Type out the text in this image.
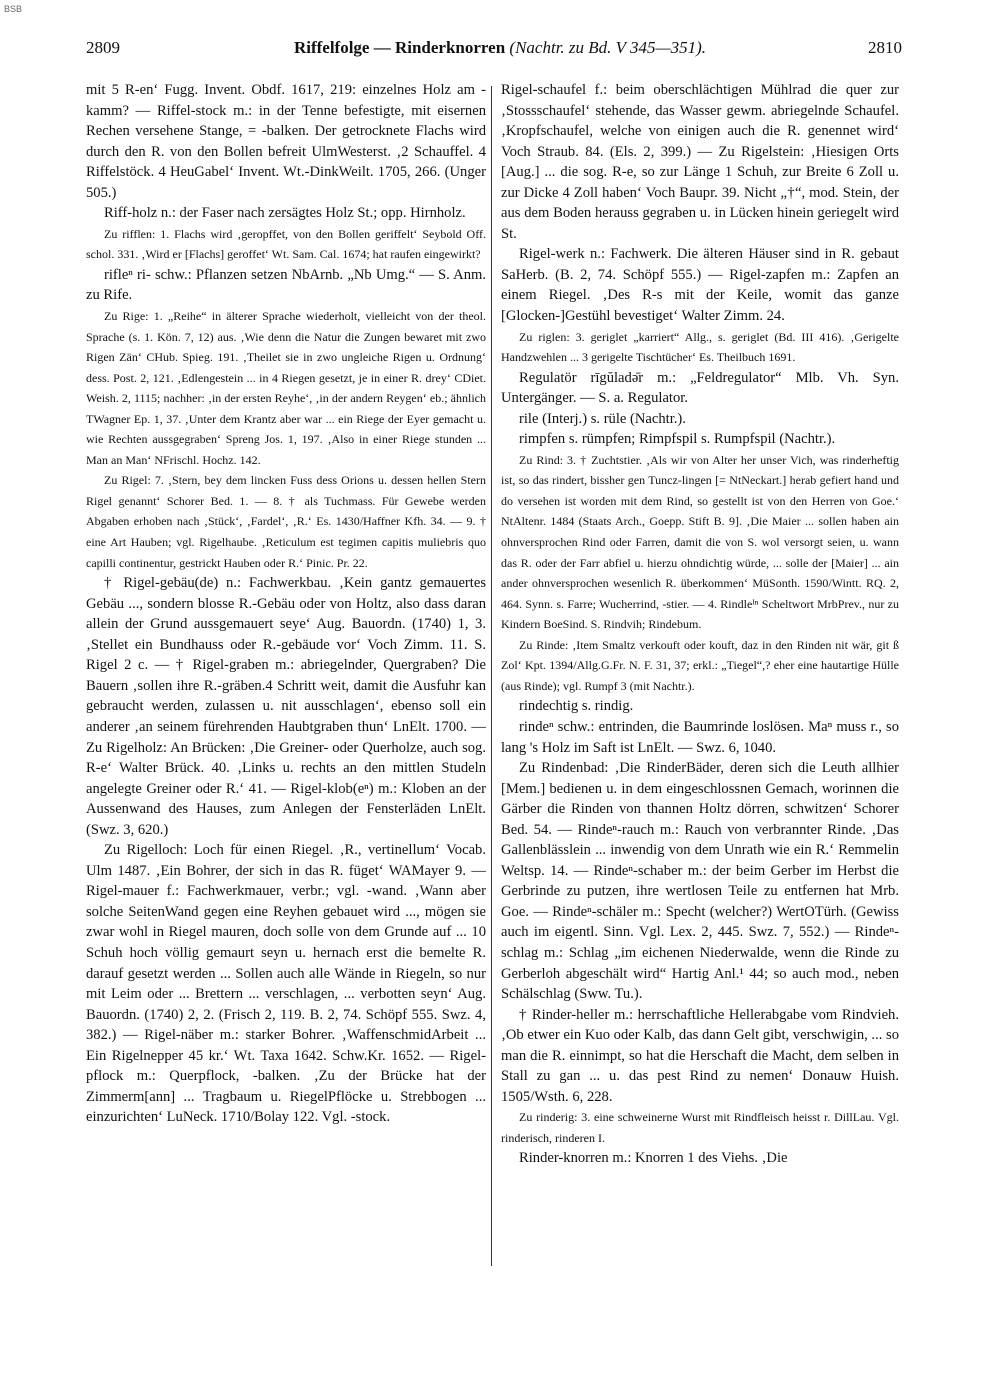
BSB
2809	Riffelfolge — Rinderknorren (Nachtr. zu Bd. V 345—351).	2810

mit 5 R-en‘ Fugg. Invent. Obdf. 1617, 219: einzelnes Holz am -kamm? — Riffel-stock m.: in der Tenne befestigte, mit eisernen Rechen versehene Stange, = -balken. Der getrocknete Flachs wird durch den R. von den Bollen befreit UlmWesterst. ‚2 Schauffel. 4 Riffelstöck. 4 HeuGabel‘ Invent. Wt.-DinkWeilt. 1705, 266. (Unger 505.)

Riff-holz n.: der Faser nach zersägtes Holz St.; opp. Hirnholz.

Zu rifflen: 1. Flachs wird ‚geropffet, von den Bollen geriffelt‘ Seybold Off. schol. 331. ‚Wird er [Flachs] geroffet‘ Wt. Sam. Cal. 1674; hat raufen eingewirkt?

rifleⁿ ri- schw.: Pflanzen setzen NbArnb. „Nb Umg.“ — S. Anm. zu Rife.

Zu Rige: 1. „Reihe“ in älterer Sprache wiederholt, vielleicht von der theol. Sprache (s. 1. Kön. 7, 12) aus. ‚Wie denn die Natur die Zungen bewaret mit zwo Rigen Zän‘ CHub. Spieg. 191. ‚Theilet sie in zwo ungleiche Rigen u. Ordnung‘ dess. Post. 2, 121. ‚Edlengestein ... in 4 Riegen gesetzt, je in einer R. drey‘ CDiet. Weish. 2, 1115; nachher: ‚in der ersten Reyhe‘, ‚in der andern Reygen‘ eb.; ähnlich TWagner Ep. 1, 37. ‚Unter dem Krantz aber war ... ein Riege der Eyer gemacht u. wie Rechten aussgegraben‘ Spreng Jos. 1, 197. ‚Also in einer Riege stunden ... Man an Man‘ NFrischl. Hochz. 142.

Zu Rigel: 7. ‚Stern, bey dem lincken Fuss dess Orions u. dessen hellen Stern Rigel genannt‘ Schorer Bed. 1. — 8. † als Tuchmass. Für Gewebe werden Abgaben erhoben nach ‚Stück‘, ‚Fardel‘, ‚R.‘ Es. 1430/Haffner Kfh. 34. — 9. † eine Art Hauben; vgl. Rigelhaube. ‚Reticulum est tegimen capitis muliebris quo capilli continentur, gestrickt Hauben oder R.‘ Pinic. Pr. 22.

† Rigel-gebäu(de) n.: Fachwerkbau. ‚Kein gantz gemauertes Gebäu ..., sondern blosse R.-Gebäu oder von Holtz, also dass daran allein der Grund aussgemauert seye‘ Aug. Bauordn. (1740) 1, 3. ‚Stellet ein Bundhauss oder R.-gebäude vor‘ Voch Zimm. 11. S. Rigel 2 c. — † Rigel-graben m.: abriegelnder, Quergraben? Die Bauern ‚sollen ihre R.-gräben.4 Schritt weit, damit die Ausfuhr kan gebraucht werden, zulassen u. nit ausschlagen‘, ebenso soll ein anderer ‚an seinem fürehrenden Haubtgraben thun‘ LnElt. 1700. — Zu Rigelholz: An Brücken: ‚Die Greiner- oder Querholze, auch sog. R-e‘ Walter Brück. 40. ‚Links u. rechts an den mittlen Studeln angelegte Greiner oder R.‘ 41. — Rigel-klob(eⁿ) m.: Kloben an der Aussenwand des Hauses, zum Anlegen der Fensterläden LnElt. (Swz. 3, 620.)

Zu Rigelloch: Loch für einen Riegel. ‚R., vertinellum‘ Vocab. Ulm 1487. ‚Ein Bohrer, der sich in das R. füget‘ WAMayer 9. — Rigel-mauer f.: Fachwerkmauer, verbr.; vgl. -wand. ‚Wann aber solche SeitenWand gegen eine Reyhen gebauet wird ..., mögen sie zwar wohl in Riegel mauren, doch solle von dem Grunde auf ... 10 Schuh hoch völlig gemaurt seyn u. hernach erst die bemelte R. darauf gesetzt werden ... Sollen auch alle Wände in Riegeln, so nur mit Leim oder ... Brettern ... verschlagen, ... verbotten seyn‘ Aug. Bauordn. (1740) 2, 2. (Frisch 2, 119. B. 2, 74. Schöpf 555. Swz. 4, 382.) — Rigel-näber m.: starker Bohrer. ‚WaffenschmidArbeit ... Ein Rigelnepper 45 kr.‘ Wt. Taxa 1642. Schw.Kr. 1652. — Rigel-pflock m.: Querpflock, -balken. ‚Zu der Brücke hat der Zimmerm[ann] ... Tragbaum u. RiegelPflöcke u. Strebbogen ... einzurichten‘ LuNeck. 1710/Bolay 122. Vgl. -stock.

Rigel-schaufel f.: beim oberschlächtigen Mühlrad die quer zur ‚Stossschaufel‘ stehende, das Wasser gewm. abriegelnde Schaufel. ‚Kropfschaufel, welche von einigen auch die R. genennet wird‘ Voch Straub. 84. (Els. 2, 399.) — Zu Rigelstein: ‚Hiesigen Orts [Aug.] ... die sog. R-e, so zur Länge 1 Schuh, zur Breite 6 Zoll u. zur Dicke 4 Zoll haben‘ Voch Baupr. 39. Nicht „†“, mod. Stein, der aus dem Boden herauss gegraben u. in Lücken hinein geriegelt wird St.

Rigel-werk n.: Fachwerk. Die älteren Häuser sind in R. gebaut SaHerb. (B. 2, 74. Schöpf 555.) — Rigel-zapfen m.: Zapfen an einem Riegel. ‚Des R-s mit der Keile, womit das ganze [Glocken-]Gestühl bevestiget‘ Walter Zimm. 24.

Zu riglen: 3. geriglet „karriert“ Allg., s. geriglet (Bd. III 416). ‚Gerigelte Handzwehlen ... 3 gerigelte Tischtücher‘ Es. Theilbuch 1691.

Regulatör rīgŭladə̄r m.: „Feldregulator“ Mlb. Vh. Syn. Untergänger. — S. a. Regulator.

rile (Interj.) s. rüle (Nachtr.).

rimpfen s. rümpfen; Rimpfspil s. Rumpfspil (Nachtr.).

Zu Rind: 3. † Zuchtstier. ‚Als wir von Alter her unser Vich, was rinderheftig ist, so das rindert, bissher gen Tuncz-lingen [= NtNeckart.] herab gefiert hand und do versehen ist worden mit dem Rind, so gestellt ist von den Herren von Goe.‘ NtAltenr. 1484 (Staats Arch., Goepp. Stift B. 9]. ‚Die Maier ... sollen haben ain ohnversprochen Rind oder Farren, damit die von S. wol versorgt seien, u. wann das R. oder der Farr abfiel u. hierzu ohndichtig würde, ... solle der [Maier] ... ain ander ohnversprochen wesenlich R. überkommen‘ MüSonth. 1590/Wintt. RQ. 2, 464. Synn. s. Farre; Wucherrind, -stier. — 4. Rindleᴵⁿ Scheltwort MrbPrev., nur zu Kindern BoeSind. S. Rindvih; Rindebum.

Zu Rinde: ‚Item Smaltz verkouft oder kouft, daz in den Rinden nit wär, git ß Zol‘ Kpt. 1394/Allg.G.Fr. N. F. 31, 37; erkl.: „Tiegel“,? eher eine hautartige Hülle (aus Rinde); vgl. Rumpf 3 (mit Nachtr.).

rindechtig s. rindig.

rindeⁿ schw.: entrinden, die Baumrinde loslösen. Maⁿ muss r., so lang 's Holz im Saft ist LnElt. — Swz. 6, 1040.

Zu Rindenbad: ‚Die RinderBäder, deren sich die Leuth allhier [Mem.] bedienen u. in dem eingeschlossnen Gemach, worinnen die Gärber die Rinden von thannen Holtz dörren, schwitzen‘ Schorer Bed. 54. — Rindeⁿ-rauch m.: Rauch von verbrannter Rinde. ‚Das Gallenblässlein ... inwendig von dem Unrath wie ein R.‘ Remmelin Weltsp. 14. — Rindeⁿ-schaber m.: der beim Gerber im Herbst die Gerbrinde zu putzen, ihre wertlosen Teile zu entfernen hat Mrb. Goe. — Rindeⁿ-schäler m.: Specht (welcher?) WertOTürh. (Gewiss auch im eigentl. Sinn. Vgl. Lex. 2, 445. Swz. 7, 552.) — Rindeⁿ-schlag m.: Schlag „im eichenen Niederwalde, wenn die Rinde zu Gerberloh abgeschält wird“ Hartig Anl.¹ 44; so auch mod., neben Schälschlag (Sww. Tu.).

† Rinder-heller m.: herrschaftliche Hellerabgabe vom Rindvieh. ‚Ob etwer ein Kuo oder Kalb, das dann Gelt gibt, verschwigin, ... so man die R. einnimpt, so hat die Herschaft die Macht, dem selben in Stall zu gan ... u. das pest Rind zu nemen‘ Donauw Huish. 1505/Wsth. 6, 228.

Zu rinderig: 3. eine schweinerne Wurst mit Rindfleisch heisst r. DillLau. Vgl. rinderisch, rinderen I.

Rinder-knorren m.: Knorren 1 des Viehs. ‚Die
